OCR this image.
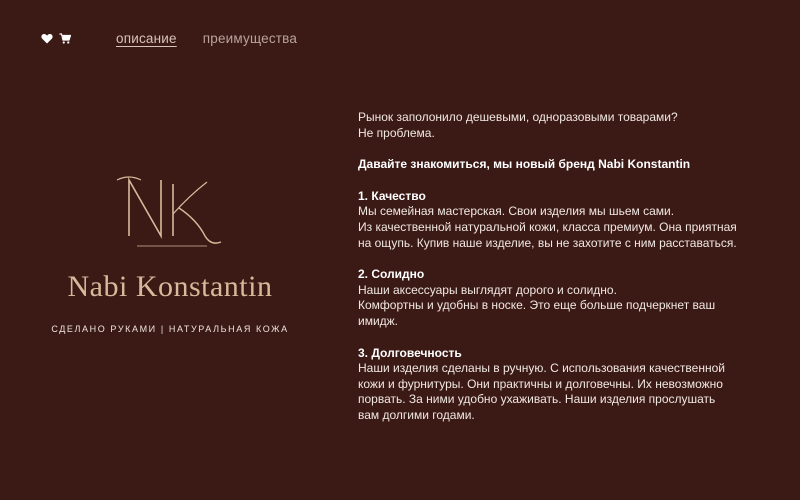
описание преимущества
Nabi Konstantin
СДЕЛАНО РУКАМИ | НАТУРАЛЬНАЯ КОЖА

Рынок заполонило дешевыми, одноразовыми товарами?

Не проблема.

Давайте знакомиться, мы новый бренд Nabi Konstantin

1. Качество

Мы семейная мастерская. Свои изделия мы шьем сами.

Из качественной натуральной кожи, класса премиум. Она приятная

на ощупь. Купив наше изделие, вы не захотите с ним расставаться.

2. Солидно

Наши аксессуары выглядят дорого и солидно.

Комфортны и удобны в носке. Это еще больше подчеркнет ваш

имидж.

3. Долговечность

Наши изделия сделаны в ручную. С использования качественной

кожи и фурнитуры. Они практичны и долговечны. Их невозможно

порвать. За ними удобно ухаживать. Наши изделия прослушать

вам долгими годами.
